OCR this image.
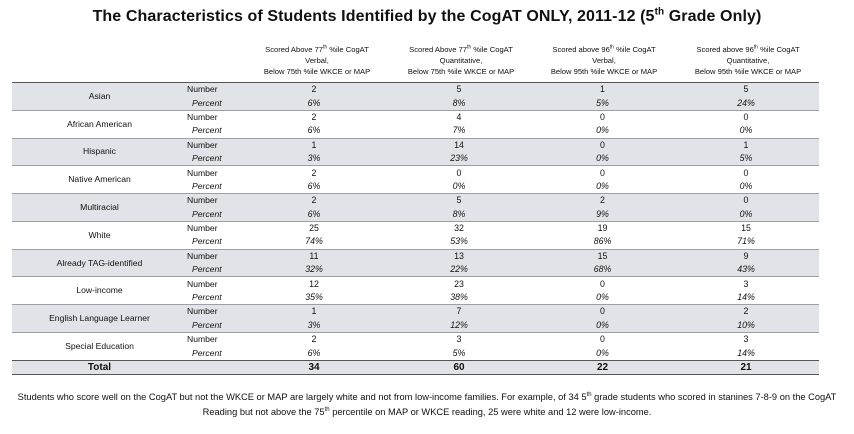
The Characteristics of Students Identified by the CogAT ONLY, 2011-12 (5th Grade Only)
Scored Above 77th %ile CogAT
Verbal,
Below 75th %ile WKCE or MAP
Scored Above 77th %ile CogAT
Quantitative,
Below 75th %ile WKCE or MAP
Scored above 96th %ile CogAT
Verbal,
Below 95th %ile WKCE or MAP
Scored above 96th %ile CogAT
Quantitative,
Below 95th %ile WKCE or MAP
Asian	Number	2	5	1	5
	Percent	6%	8%	5%	24%
African American	Number	2	4	0	0
	Percent	6%	7%	0%	0%
Hispanic	Number	1	14	0	1
	Percent	3%	23%	0%	5%
Native American	Number	2	0	0	0
	Percent	6%	0%	0%	0%
Multiracial	Number	2	5	2	0
	Percent	6%	8%	9%	0%
White	Number	25	32	19	15
	Percent	74%	53%	86%	71%
Already TAG-identified	Number	11	13	15	9
	Percent	32%	22%	68%	43%
Low-income	Number	12	23	0	3
	Percent	35%	38%	0%	14%
English Language Learner	Number	1	7	0	2
	Percent	3%	12%	0%	10%
Special Education	Number	2	3	0	3
	Percent	6%	5%	0%	14%
Total		34	60	22	21
Students who score well on the CogAT but not the WKCE or MAP are largely white and not from low-income families. For example, of 34 5th grade students who scored in stanines 7-8-9 on the CogAT Reading but not above the 75th percentile on MAP or WKCE reading, 25 were white and 12 were low-income.
